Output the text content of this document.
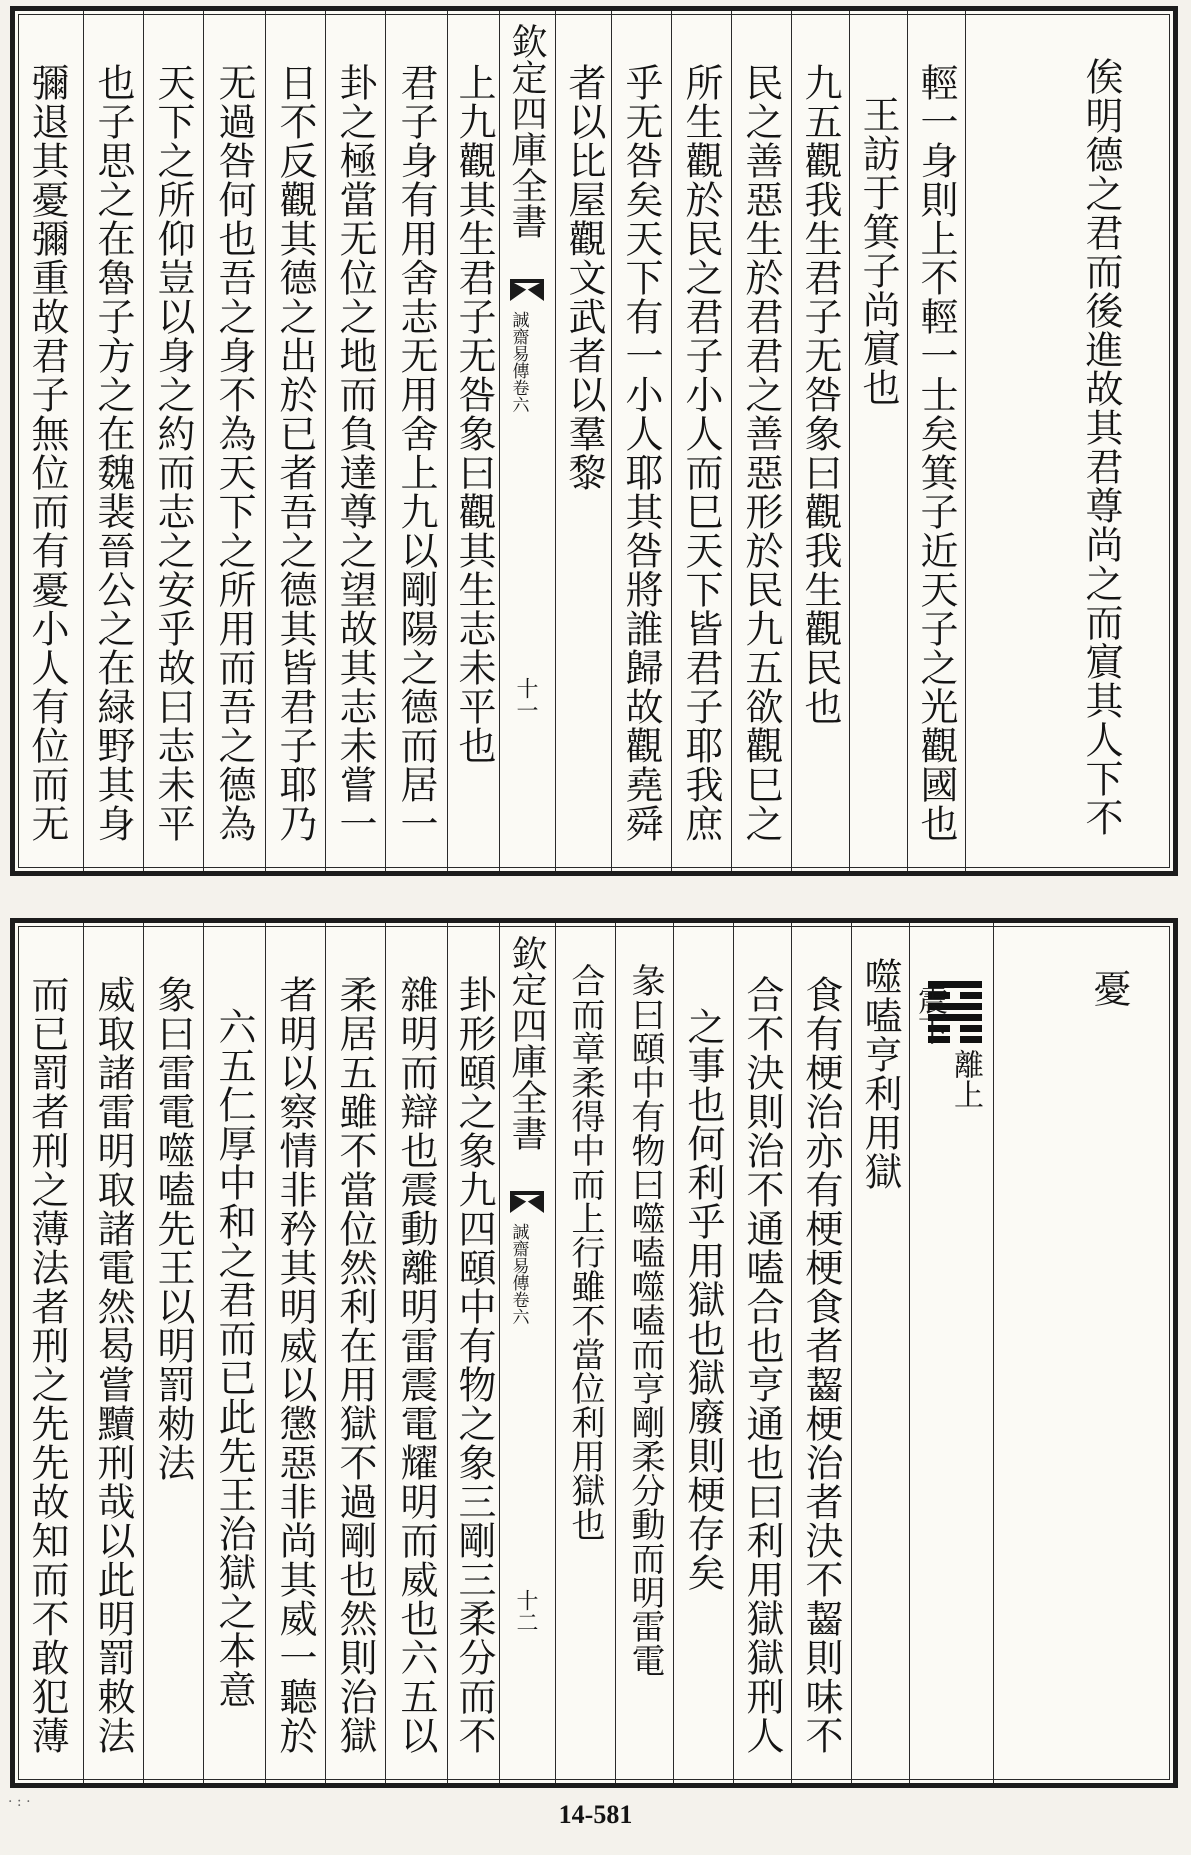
彌退其憂彌重故君子無位而有憂小人有位而无 也子思之在魯子方之在魏裴晉公之在緑野其身 天下之所仰豈以身之約而志之安乎故曰志未平 无過咎何也吾之身不為天下之所用而吾之德為 日不反觀其德之出於已者吾之德其皆君子耶乃 卦之極當无位之地而負達尊之望故其志未嘗一 君子身有用舍志无用舍上九以剛陽之德而居一 上九觀其生君子无咎象曰觀其生志未平也 欽定四庫全書
誠齋易傳
卷六
十一
者以比屋觀文武者以羣黎 乎无咎矣天下有一小人耶其咎將誰歸故觀堯舜 所生觀於民之君子小人而巳天下皆君子耶我庶 民之善惡生於君君之善惡形於民九五欲觀巳之 九五觀我生君子无咎象曰觀我生觀民也 王訪于箕子尚賔也 輕一身則上不輕一士矣箕子近天子之光觀國也	俟明德之君而後進故其君尊尚之而賔其人下不
而已罰者刑之薄法者刑之先先故知而不敢犯薄 威取諸雷明取諸電然曷嘗黷刑哉以此明罰敕法 象曰雷電噬嗑先王以明罰勑法 六五仁厚中和之君而已此先王治獄之本意 者明以察情非矜其明威以懲惡非尚其威一聽於 柔居五雖不當位然利在用獄不過剛也然則治獄 雜明而辯也震動離明雷震電耀明而威也六五以 卦形頤之象九四頤中有物之象三剛三柔分而不 欽定四庫全書
誠齋易傳
卷六
十二
合而章柔得中而上行雖不當位利用獄也 彖曰頤中有物曰噬嗑噬嗑而亨剛柔分動而明雷電 之事也何利乎用獄也獄廢則梗存矣 合不決則治不通嗑合也亨通也曰利用獄獄刑人 食有梗治亦有梗梗食者齧梗治者決不齧則味不 噬嗑亨利用獄 震下
離上
憂
· : ·	14-581
